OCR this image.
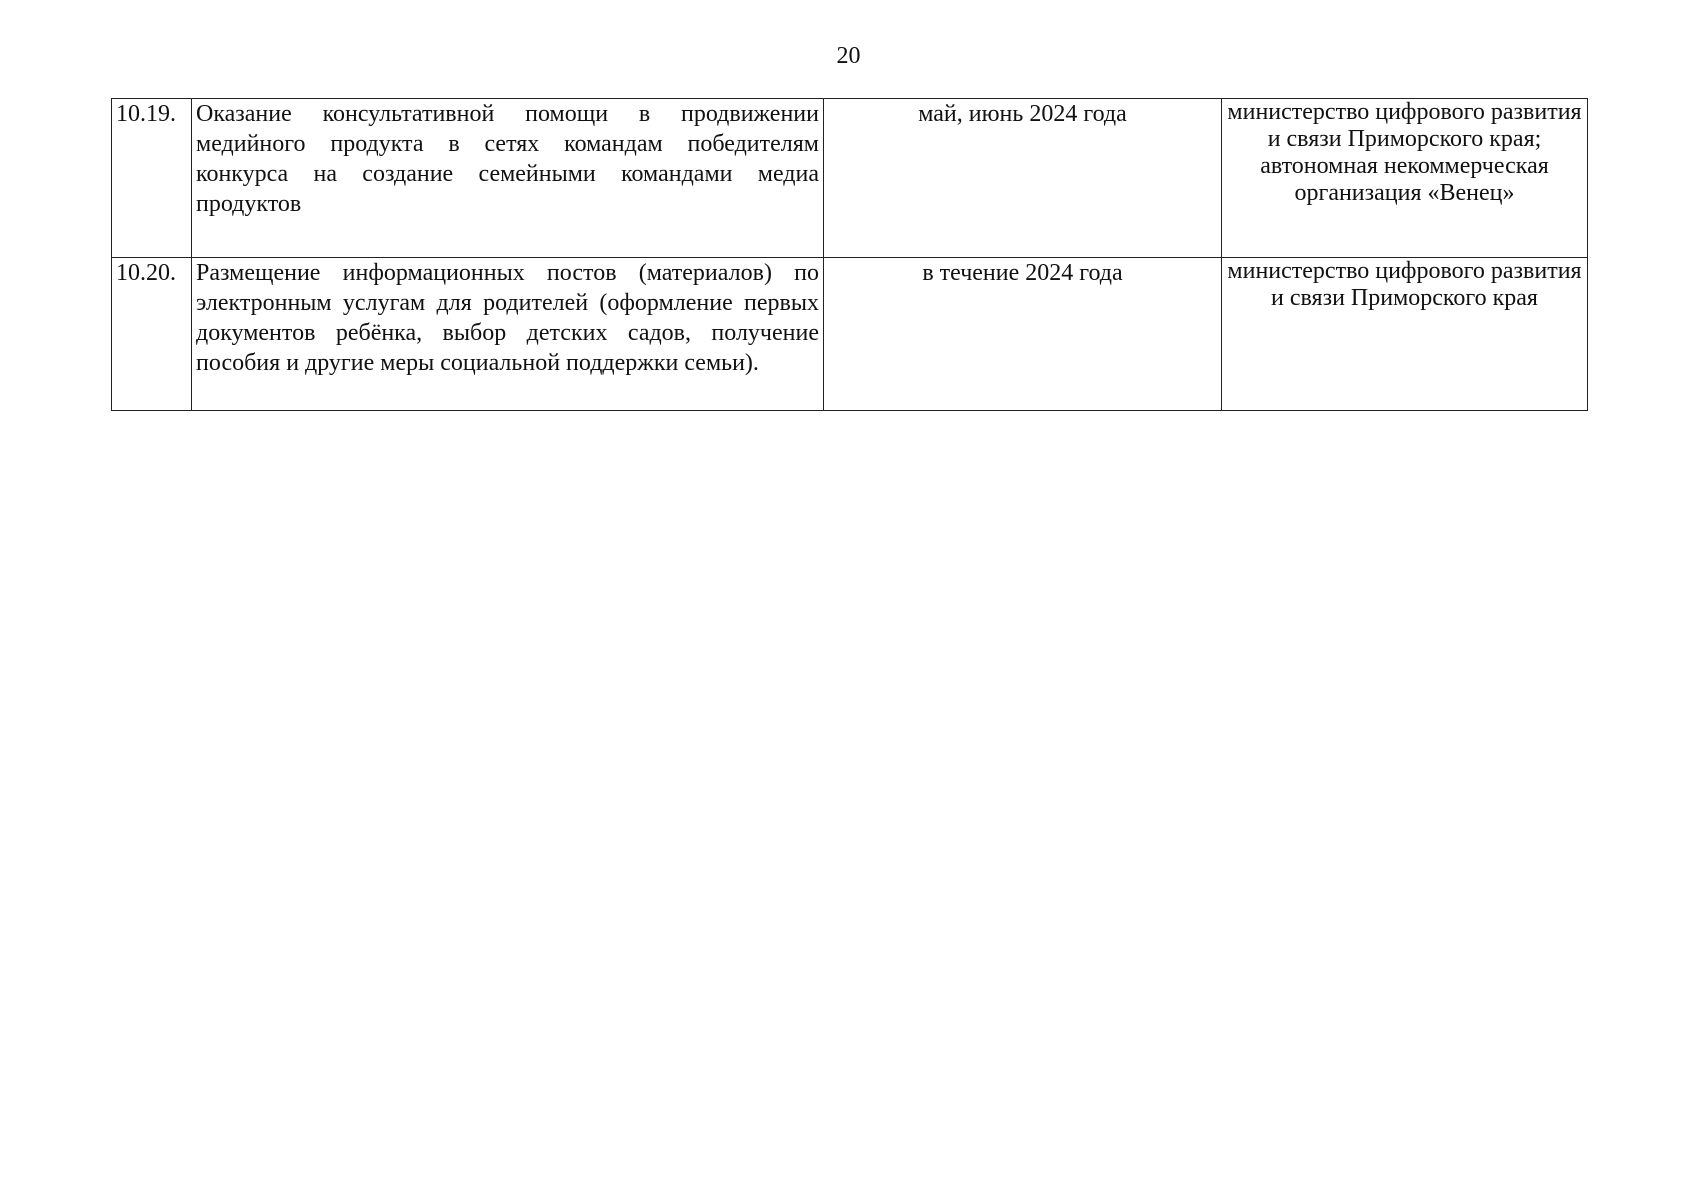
20
10.19.	Оказание консультативной помощи в продвижении медийного продукта в сетях командам победителям конкурса на создание семейными командами медиа продуктов	май, июнь 2024 года	министерство цифрового развития и связи Приморского края;
автономная некоммерческая организация «Венец»

10.20.	Размещение информационных постов (материалов) по электронным услугам для родителей (оформление первых документов ребёнка, выбор детских садов, получение пособия и другие меры социальной поддержки семьи).	в течение 2024 года	министерство цифрового развития и связи Приморского края
